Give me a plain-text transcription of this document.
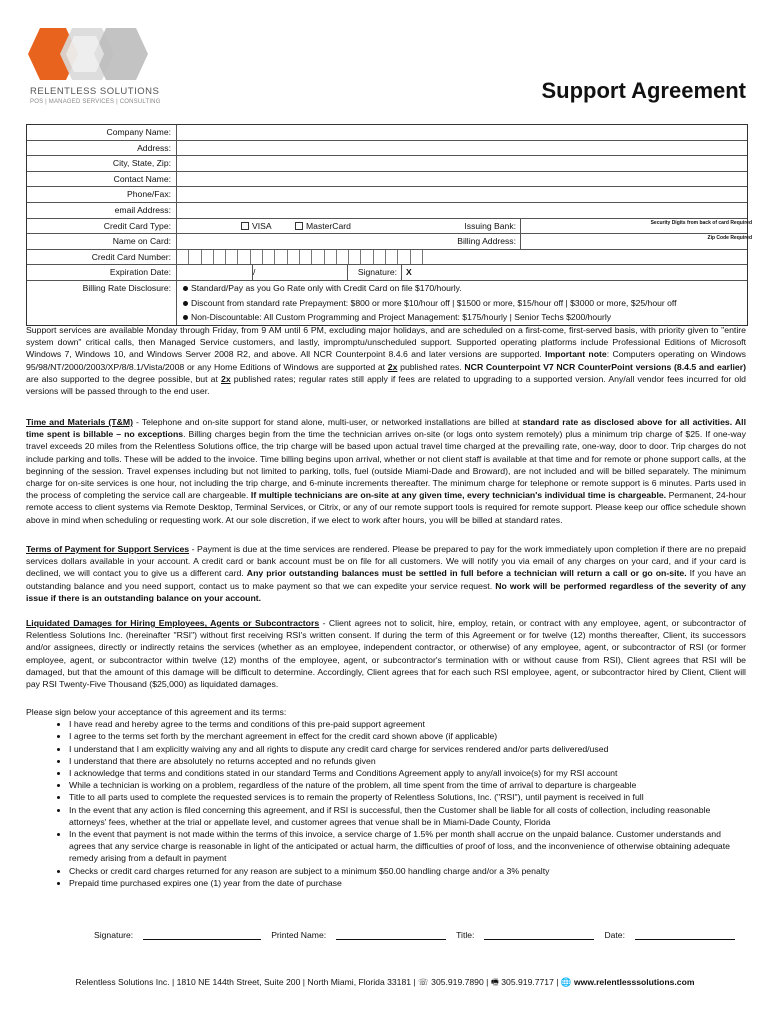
RELENTLESS SOLUTIONS
POS | MANAGED SERVICES | CONSULTING	Support Agreement
Company Name:
Address:
City, State, Zip:
Contact Name:
Phone/Fax:
email Address:
Credit Card Type:	VISA	MasterCard	Issuing Bank:	Security Digits from back of card Required
Name on Card:	Billing Address:	Zip Code Required
Credit Card Number:
Expiration Date:	/	Signature:	X
Billing Rate Disclosure:	Standard/Pay as you Go Rate only with Credit Card on file $170/hourly.
Discount from standard rate Prepayment: $800 or more $10/hour off | $1500 or more, $15/hour off | $3000 or more, $25/hour off
Non-Discountable: All Custom Programming and Project Management: $175/hourly | Senior Techs $200/hourly
Support services are available Monday through Friday, from 9 AM until 6 PM, excluding major holidays, and are scheduled on a first-come, first-served basis, with priority given to "entire system down" critical calls, then Managed Service customers, and lastly, impromptu/unscheduled support. Supported operating platforms include Professional Editions of Microsoft Windows 7, Windows 10, and Windows Server 2008 R2, and above. All NCR Counterpoint 8.4.6 and later versions are supported. Important note: Computers operating on Windows 95/98/NT/2000/2003/XP/8/8.1/Vista/2008 or any Home Editions of Windows are supported at 2x published rates. NCR Counterpoint V7 NCR CounterPoint versions (8.4.5 and earlier) are also supported to the degree possible, but at 2x published rates; regular rates still apply if fees are related to upgrading to a supported version. Any/all vendor fees incurred for old versions will be passed through to the end user.
Time and Materials (T&M) - Telephone and on-site support for stand alone, multi-user, or networked installations are billed at standard rate as disclosed above for all activities. All time spent is billable – no exceptions. Billing charges begin from the time the technician arrives on-site (or logs onto system remotely) plus a minimum trip charge of $25. If one-way travel exceeds 20 miles from the Relentless Solutions office, the trip charge will be based upon actual travel time charged at the prevailing rate, one-way, door to door. Trip charges do not include parking and tolls. These will be added to the invoice. Time billing begins upon arrival, whether or not client staff is available at that time and for remote or phone support calls, at the beginning of the session. Travel expenses including but not limited to parking, tolls, fuel (outside Miami-Dade and Broward), are not included and will be billed separately. The minimum charge for on-site services is one hour, not including the trip charge, and 6-minute increments thereafter. The minimum charge for telephone or remote support is 6 minutes. Parts used in the process of completing the service call are chargeable. If multiple technicians are on-site at any given time, every technician's individual time is chargeable. Permanent, 24-hour remote access to client systems via Remote Desktop, Terminal Services, or Citrix, or any of our remote support tools is required for remote support. Please keep our office schedule shown above in mind when scheduling or requesting work. At our sole discretion, if we elect to work after hours, you will be billed at standard rates.
Terms of Payment for Support Services - Payment is due at the time services are rendered. Please be prepared to pay for the work immediately upon completion if there are no prepaid services dollars available in your account. A credit card or bank account must be on file for all customers. We will notify you via email of any charges on your card, and if your card is declined, we will contact you to give us a different card. Any prior outstanding balances must be settled in full before a technician will return a call or go on-site. If you have an outstanding balance and you need support, contact us to make payment so that we can expedite your service request. No work will be performed regardless of the severity of any issue if there is an outstanding balance on your account.
Liquidated Damages for Hiring Employees, Agents or Subcontractors - Client agrees not to solicit, hire, employ, retain, or contract with any employee, agent, or subcontractor of Relentless Solutions Inc. (hereinafter "RSI") without first receiving RSI's written consent. If during the term of this Agreement or for twelve (12) months thereafter, Client, its successors and/or assignees, directly or indirectly retains the services (whether as an employee, independent contractor, or otherwise) of any employee, agent, or subcontractor of RSI (or former employee, agent, or subcontractor within twelve (12) months of the employee, agent, or subcontractor's termination with or without cause from RSI), Client agrees that RSI will be damaged, but that the amount of this damage will be difficult to determine. Accordingly, Client agrees that for each such RSI employee, agent, or subcontractor hired by Client, Client will pay RSI Twenty-Five Thousand ($25,000) as liquidated damages.
Please sign below your acceptance of this agreement and its terms:
• I have read and hereby agree to the terms and conditions of this pre-paid support agreement
• I agree to the terms set forth by the merchant agreement in effect for the credit card shown above (if applicable)
• I understand that I am explicitly waiving any and all rights to dispute any credit card charge for services rendered and/or parts delivered/used
• I understand that there are absolutely no returns accepted and no refunds given
• I acknowledge that terms and conditions stated in our standard Terms and Conditions Agreement apply to any/all invoice(s) for my RSI account
• While a technician is working on a problem, regardless of the nature of the problem, all time spent from the time of arrival to departure is chargeable
• Title to all parts used to complete the requested services is to remain the property of Relentless Solutions, Inc. ("RSI"), until payment is received in full
• In the event that any action is filed concerning this agreement, and if RSI is successful, then the Customer shall be liable for all costs of collection, including reasonable attorneys' fees, whether at the trial or appellate level, and customer agrees that venue shall be in Miami-Dade County, Florida
• In the event that payment is not made within the terms of this invoice, a service charge of 1.5% per month shall accrue on the unpaid balance. Customer understands and agrees that any service charge is reasonable in light of the anticipated or actual harm, the difficulties of proof of loss, and the inconvenience of otherwise obtaining adequate remedy arising from a default in payment
• Checks or credit card charges returned for any reason are subject to a minimum $50.00 handling charge and/or a 3% penalty
• Prepaid time purchased expires one (1) year from the date of purchase
Signature:	Printed Name:	Title:	Date:
Relentless Solutions Inc. | 1810 NE 144th Street, Suite 200 | North Miami, Florida 33181 | ☏ 305.919.7890 | 🖷 305.919.7717 | 🌐 www.relentlesssolutions.com
